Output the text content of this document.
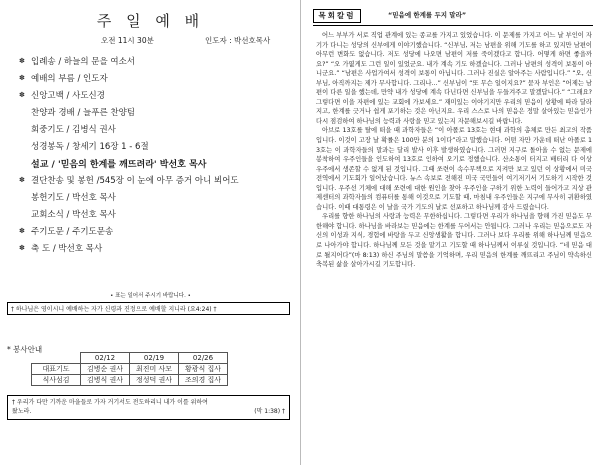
주 일 예 배
오전 11시 30분	인도자 : 박선호목사
✽ 입례송 / 하늘의 문을 여소서
✽ 예배의 부름 / 인도자
✽ 신앙고백 / 사도신경
찬양과 경배 / 늘푸른 찬양팀
회중기도 / 김병식 권사
성경봉독 / 창세기 16장 1 - 6절
설교 / '믿음의 한계를 깨뜨려라' 박선호 목사
✽ 결단찬송 및 봉헌 /545장 이 눈에 아무 증거 아니 뵈어도
봉헌기도 / 박선호 목사
교회소식 / 박선호 목사
✽ 주기도문 / 주기도문송
✽ 축 도 / 박선호 목사
• 표는 일어서 주시기 바랍니다. •
† 하나님은 영이시니 예배하는 자가 신령과 진정으로 예배할 지니라 (요4:24) †
* 봉사안내
	02/12	02/19	02/26
대표기도	김병순 권사	최진미 사모	황광식 집사
식사섬김	김병식 권사	정성덕 권사	조의경 집사
† 우리가 다만 기까운 마을들로 가자 거기서도 전도하리니 내가 이를 위하여
왔노라.	(막 1:38) †
목회칼럼	“믿음에 한계를 두지 말라”

어느 부부가 서로 직업 관계에 있는 종교를 가지고 있었습니다. 이 문제를 가지고 어느 날 부인이 자기가 다니는 성당의 신부에게 이야기했습니다. “신부님, 저는 남편을 위해 기도를 하고 있지만 남편이 아무런 변화도 없습니다. 저도 성당에 나오면 남편이 저를 죽이겠다고 합니다. 어떻게 하면 좋을까요?” “오 가엾게도 그런 일이 있었군요. 내가 계속 기도 하겠습니다. 그러나 남편의 성격이 보통이 아니군요.” “남편은 사업가여서 성격이 보통이 아닙니다. 그러나 진실은 알아주는 사람입니다.” “오, 신부님, 아직까지는 제가 무사합니다. 그리나...” 신부님이 “또 무슨 일이지요?” 묻자 부인은 “어제는 남편이 다른 일을 했는데, 만약 내가 성당에 계속 다닌다면 신부님을 두들겨주고 말겠답니다.” “그래요? 그렇다면 이을 자편에 있는 교회에 가보세요.” 재미있는 이야기지만 우리의 믿음이 상황에 따라 달라지고, 한계를 긋거나 쉽게 포기하는 것은 아닌지요. 우리 스스로 나의 믿음은 정말 살아있는 믿음인가 다시 점검하여 하나님의 능력과 사랑을 믿고 있는지 자문해보시길 바랍니다.

아브로 13호를 탈에 떠을 때 과학자들은 “이 아폴로 13호는 현대 과학의 총체로 만든 최고의 작품입니다. 이것이 고장 날 확률은 100만 분의 1이다”라고 말했습니다. 어떤 자만 가운데 떠난 아폴로 13호는 이 과학자들의 말과는 달리 발사 이후 발생하였습니다. 그러면 지구로 돌아올 수 없는 문제에 봉착하여 우주인들을 인도하여 13호로 인하여 오기로 정했습니다. 산소통이 터지고 배터리 다 이상 우주에서 생존할 수 없게 된 것입니다. 그때 쏘련이 속수무책으로 지켜만 보고 있던 이 상황에서 미국 전역에서 기도회가 일어났습니다. 뉴스 속보로 전해진 미국 국민들이 여기저기서 기도하기 시작한 것입니다. 우주선 기체에 대해 쏘련에 대한 원인을 찾아 우주인을 구하기 위한 노력이 들어가고 지상 관제센터의 과학자들의 컴퓨터를 통해 이것으로 기도할 때, 마침내 우주인들은 지구에 무사히 귀환하였습니다. 이때 대통령은 이 날을 국가 기도의 날로 선포하고 하나님께 감사 드렸습니다.

우리를 향한 하나님의 사랑과 능력은 무한하십니다. 그렇다면 우리가 하나님을 향해 가진 믿음도 무한해야 합니다. 하나님을 바라보는 믿음에는 한계를 두어서는 안됩니다. 그러나 우리는 믿음으로도 자신의 이성과 지식, 경험에 바탕을 두고 신앙생활을 합니다. 그러나 보다 우리를 위해 하나님께 믿음으로 나아가야 합니다. 하나님께 모든 것을 맡기고 기도할 때 하나님께서 이루실 것입니다. “네 믿음 대로 될지어다”(마 8:13) 하신 주님의 말씀을 기억하며, 우리 믿음의 한계를 깨뜨리고 주님이 약속하신 축복된 삶을 살아가시길 기도합니다.
